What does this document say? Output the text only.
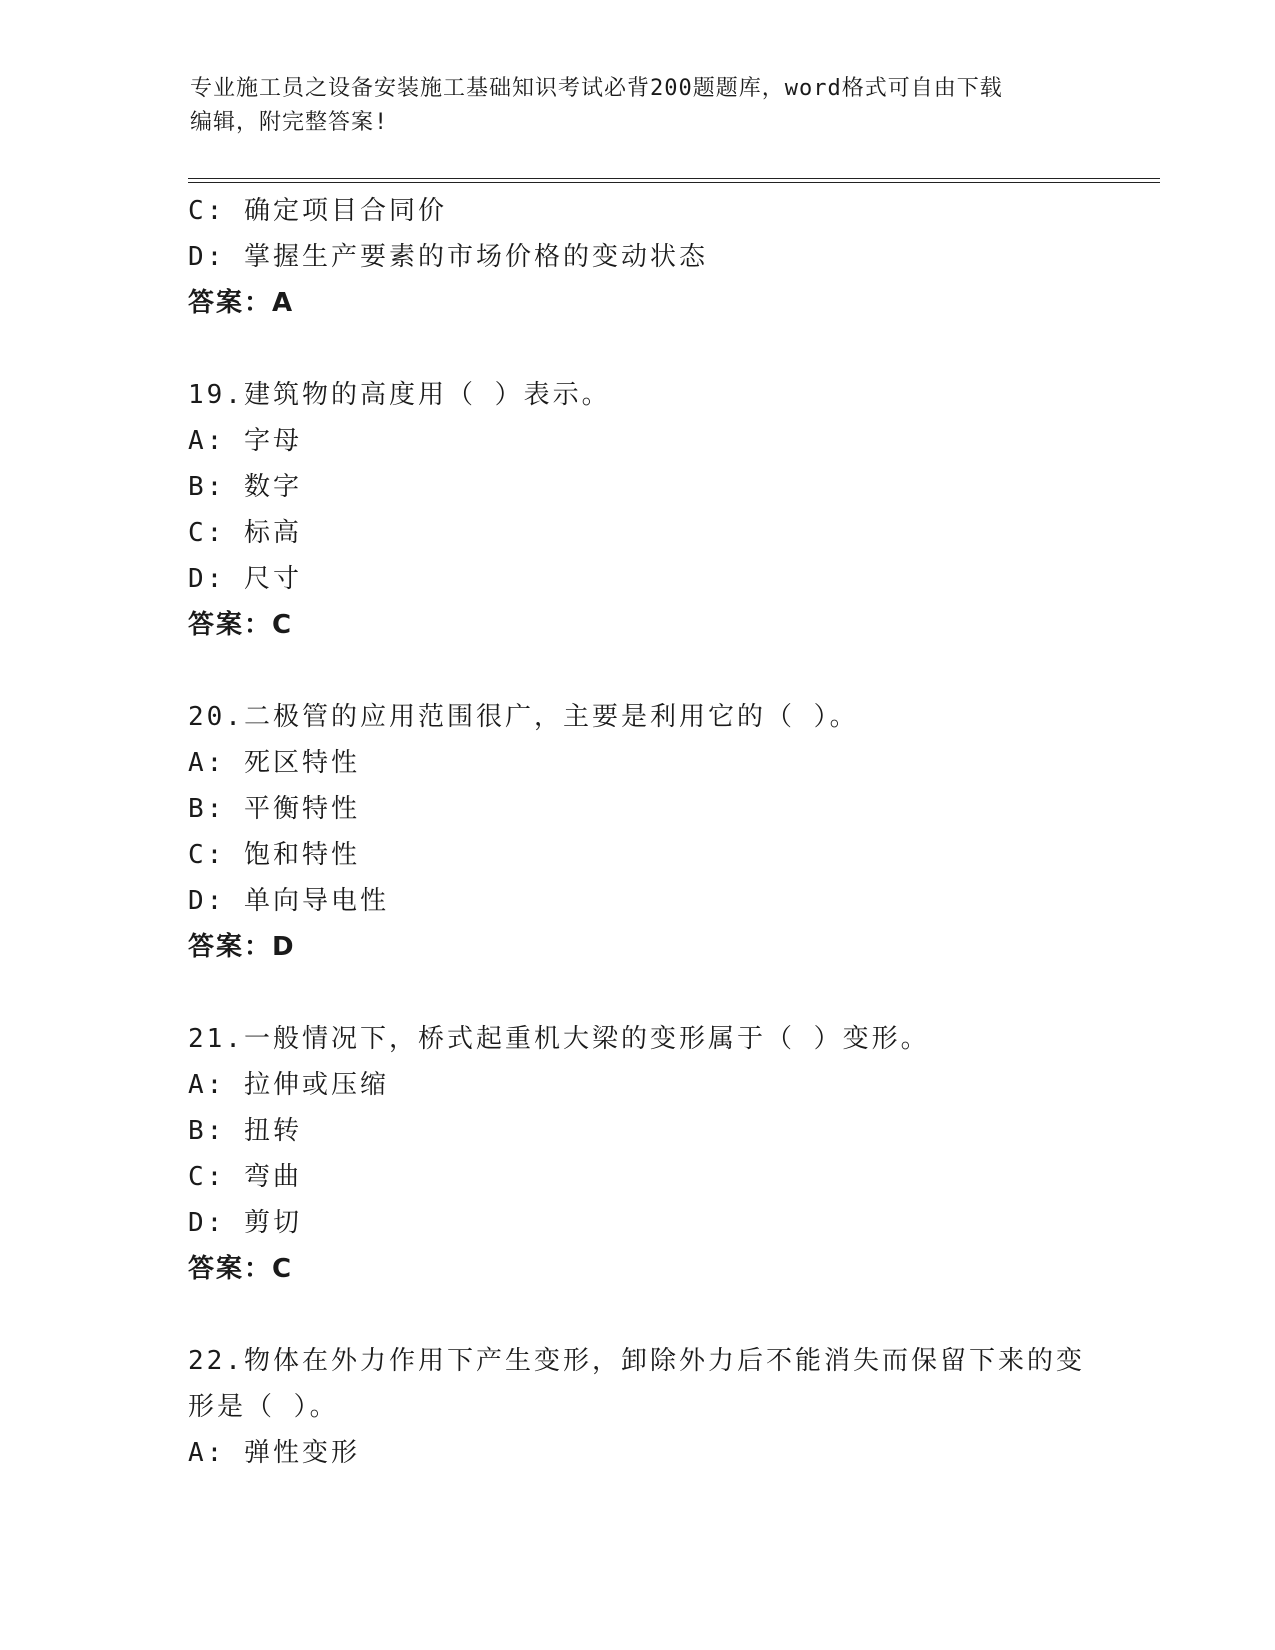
专业施工员之设备安装施工基础知识考试必背200题题库，word格式可自由下载
编辑，附完整答案!
C: 确定项目合同价
D: 掌握生产要素的市场价格的变动状态
答案：A
19.建筑物的高度用（ ）表示。
A: 字母
B: 数字
C: 标高
D: 尺寸
答案：C
20.二极管的应用范围很广，主要是利用它的（ ）。
A: 死区特性
B: 平衡特性
C: 饱和特性
D: 单向导电性
答案：D
21.一般情况下，桥式起重机大梁的变形属于（ ）变形。
A: 拉伸或压缩
B: 扭转
C: 弯曲
D: 剪切
答案：C
22.物体在外力作用下产生变形，卸除外力后不能消失而保留下来的变
形是（ ）。
A: 弹性变形
